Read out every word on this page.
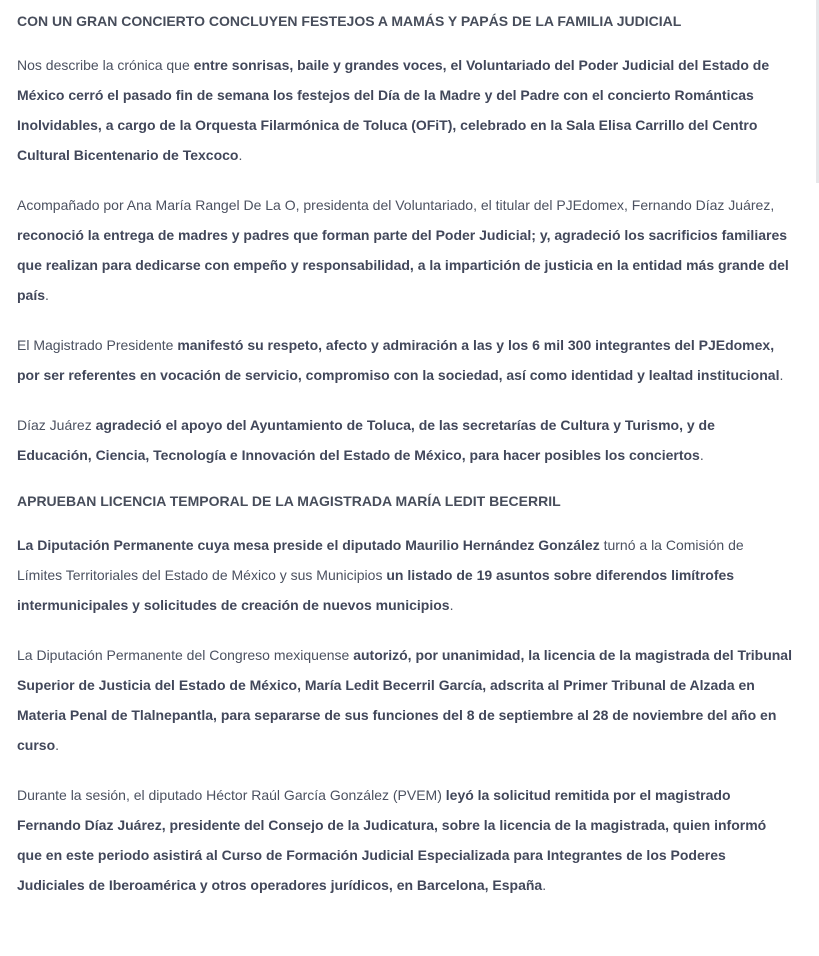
CON UN GRAN CONCIERTO CONCLUYEN FESTEJOS A MAMÁS Y PAPÁS DE LA FAMILIA JUDICIAL

Nos describe la crónica que entre sonrisas, baile y grandes voces, el Voluntariado del Poder Judicial del Estado de México cerró el pasado fin de semana los festejos del Día de la Madre y del Padre con el concierto Románticas Inolvidables, a cargo de la Orquesta Filarmónica de Toluca (OFiT), celebrado en la Sala Elisa Carrillo del Centro Cultural Bicentenario de Texcoco.

Acompañado por Ana María Rangel De La O, presidenta del Voluntariado, el titular del PJEdomex, Fernando Díaz Juárez, reconoció la entrega de madres y padres que forman parte del Poder Judicial; y, agradeció los sacrificios familiares que realizan para dedicarse con empeño y responsabilidad, a la impartición de justicia en la entidad más grande del país.

El Magistrado Presidente manifestó su respeto, afecto y admiración a las y los 6 mil 300 integrantes del PJEdomex, por ser referentes en vocación de servicio, compromiso con la sociedad, así como identidad y lealtad institucional.

Díaz Juárez agradeció el apoyo del Ayuntamiento de Toluca, de las secretarías de Cultura y Turismo, y de Educación, Ciencia, Tecnología e Innovación del Estado de México, para hacer posibles los conciertos.

APRUEBAN LICENCIA TEMPORAL DE LA MAGISTRADA MARÍA LEDIT BECERRIL

La Diputación Permanente cuya mesa preside el diputado Maurilio Hernández González turnó a la Comisión de Límites Territoriales del Estado de México y sus Municipios un listado de 19 asuntos sobre diferendos limítrofes intermunicipales y solicitudes de creación de nuevos municipios.

La Diputación Permanente del Congreso mexiquense autorizó, por unanimidad, la licencia de la magistrada del Tribunal Superior de Justicia del Estado de México, María Ledit Becerril García, adscrita al Primer Tribunal de Alzada en Materia Penal de Tlalnepantla, para separarse de sus funciones del 8 de septiembre al 28 de noviembre del año en curso.

Durante la sesión, el diputado Héctor Raúl García González (PVEM) leyó la solicitud remitida por el magistrado Fernando Díaz Juárez, presidente del Consejo de la Judicatura, sobre la licencia de la magistrada, quien informó que en este periodo asistirá al Curso de Formación Judicial Especializada para Integrantes de los Poderes Judiciales de Iberoamérica y otros operadores jurídicos, en Barcelona, España.
